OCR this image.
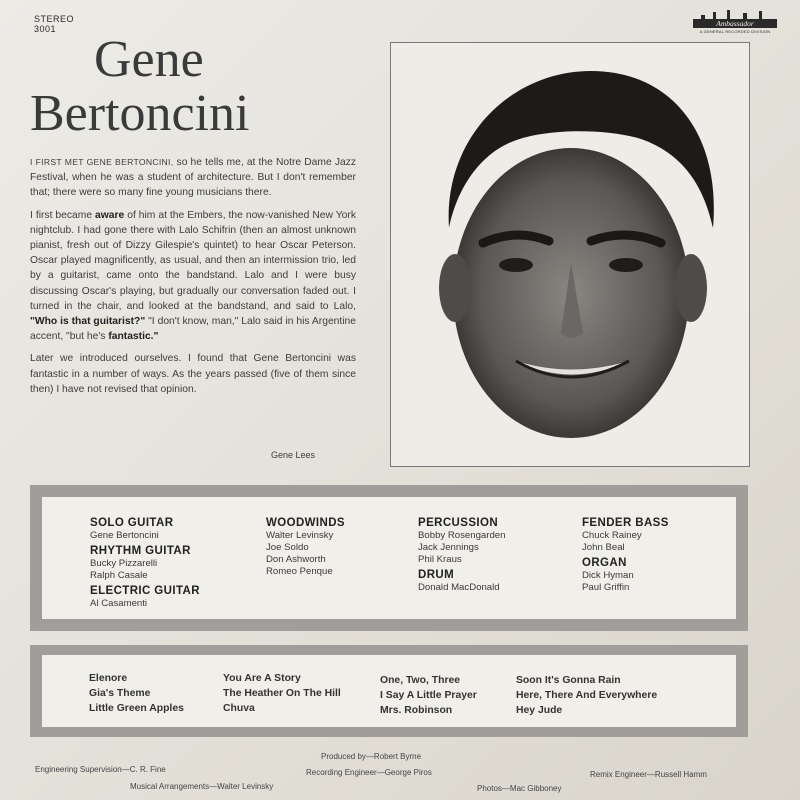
STEREO
3001
Ambassador
A GENERAL RECORDED DIVISION
Gene
Bertoncini

I FIRST MET GENE BERTONCINI, so he tells me, at the Notre Dame Jazz Festival, when he was a student of architecture. But I don't remember that; there were so many fine young musicians there.

I first became aware of him at the Embers, the now-vanished New York nightclub. I had gone there with Lalo Schifrin (then an almost unknown pianist, fresh out of Dizzy Gilespie's quintet) to hear Oscar Peterson. Oscar played magnificently, as usual, and then an intermission trio, led by a guitarist, came onto the bandstand. Lalo and I were busy discussing Oscar's playing, but gradually our conversation faded out. I turned in the chair, and looked at the bandstand, and said to Lalo, "Who is that guitarist?" "I don't know, man," Lalo said in his Argentine accent, "but he's fantastic."

Later we introduced ourselves. I found that Gene Bertoncini was fantastic in a number of ways. As the years passed (five of them since then) I have not revised that opinion.

Gene Lees
SOLO GUITAR
Gene Bertoncini
RHYTHM GUITAR
Bucky Pizzarelli
Ralph Casale
ELECTRIC GUITAR
Al Casamenti
WOODWINDS
Walter Levinsky
Joe Soldo
Don Ashworth
Romeo Penque
PERCUSSION
Bobby Rosengarden
Jack Jennings
Phil Kraus
DRUM
Donald MacDonald
FENDER BASS
Chuck Rainey
John Beal
ORGAN
Dick Hyman
Paul Griffin
Elenore
Gia's Theme
Little Green Apples
You Are A Story
The Heather On The Hill
Chuva
One, Two, Three
I Say A Little Prayer
Mrs. Robinson
Soon It's Gonna Rain
Here, There And Everywhere
Hey Jude
Produced by—Robert Byrne
Engineering Supervision—C. R. Fine	Recording Engineer—George Piros	Remix Engineer—Russell Hamm
Musical Arrangements—Walter Levinsky	Photos—Mac Gibboney
